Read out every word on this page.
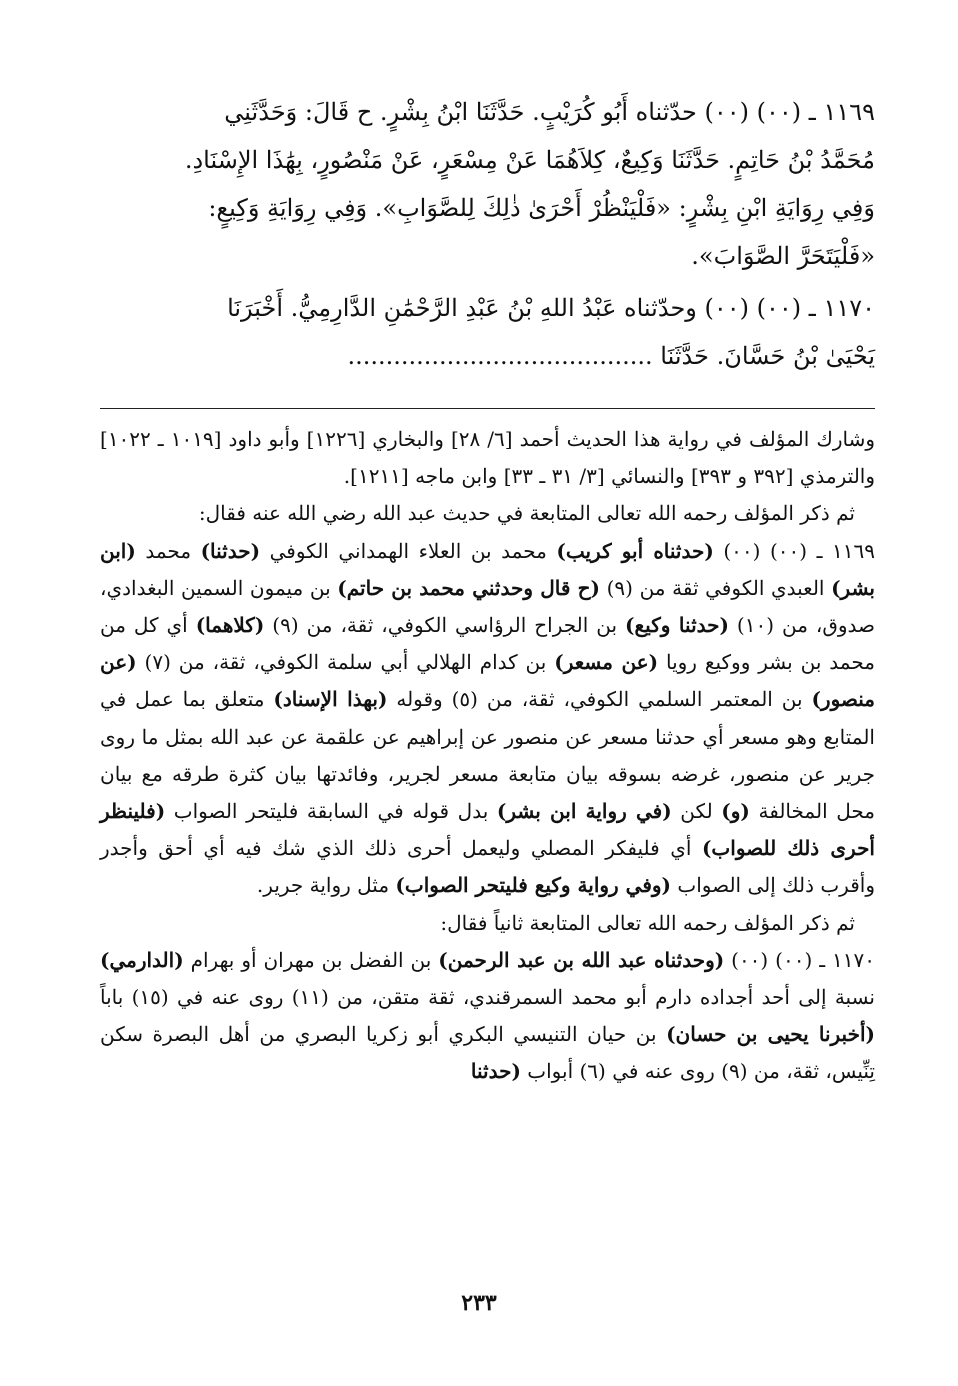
١١٦٩ ـ (٠٠) (٠٠) حدّثناه أَبُو كُرَيْبٍ. حَدَّثَنَا ابْنُ بِشْرٍ. ح قَالَ: وَحَدَّثَنِي

مُحَمَّدُ بْنُ حَاتِمٍ. حَدَّثَنَا وَكِيعٌ، كِلاَهُمَا عَنْ مِسْعَرٍ، عَنْ مَنْصُورٍ، بِهَٰذَا الإِسْنَادِ.

وَفِي رِوَايَةِ ابْنِ بِشْرٍ: «فَلْيَنْظُرْ أَحْرَىٰ ذٰلِكَ لِلصَّوَابِ». وَفِي رِوَايَةِ وَكِيعٍ:

«فَلْيَتَحَرَّ الصَّوَابَ».

١١٧٠ ـ (٠٠) (٠٠) وحدّثناه عَبْدُ اللهِ بْنُ عَبْدِ الرَّحْمَٰنِ الدَّارِمِيُّ. أَخْبَرَنَا

يَحْيَىٰ بْنُ حَسَّانَ. حَدَّثَنَا ........................................

وشارك المؤلف في رواية هذا الحديث أحمد [٦/ ٢٨] والبخاري [١٢٢٦] وأبو داود [١٠١٩ ـ ١٠٢٢] والترمذي [٣٩٢ و ٣٩٣] والنسائي [٣/ ٣١ ـ ٣٣] وابن ماجه [١٢١١].

ثم ذكر المؤلف رحمه الله تعالى المتابعة في حديث عبد الله رضي الله عنه فقال:

١١٦٩ ـ (٠٠) (٠٠) (حدثناه أبو كريب) محمد بن العلاء الهمداني الكوفي (حدثنا) محمد (ابن بشر) العبدي الكوفي ثقة من (٩) (ح قال وحدثني محمد بن حاتم) بن ميمون السمين البغدادي، صدوق، من (١٠) (حدثنا وكيع) بن الجراح الرؤاسي الكوفي، ثقة، من (٩) (كلاهما) أي كل من محمد بن بشر ووكيع رويا (عن مسعر) بن كدام الهلالي أبي سلمة الكوفي، ثقة، من (٧) (عن منصور) بن المعتمر السلمي الكوفي، ثقة، من (٥) وقوله (بهذا الإسناد) متعلق بما عمل في المتابع وهو مسعر أي حدثنا مسعر عن منصور عن إبراهيم عن علقمة عن عبد الله بمثل ما روى جرير عن منصور، غرضه بسوقه بيان متابعة مسعر لجرير، وفائدتها بيان كثرة طرقه مع بيان محل المخالفة (و) لكن (في رواية ابن بشر) بدل قوله في السابقة فليتحر الصواب (فلينظر أحرى ذلك للصواب) أي فليفكر المصلي وليعمل أحرى ذلك الذي شك فيه أي أحق وأجدر وأقرب ذلك إلى الصواب (وفي رواية وكيع فليتحر الصواب) مثل رواية جرير.

ثم ذكر المؤلف رحمه الله تعالى المتابعة ثانياً فقال:

١١٧٠ ـ (٠٠) (٠٠) (وحدثناه عبد الله بن عبد الرحمن) بن الفضل بن مهران أو بهرام (الدارمي) نسبة إلى أحد أجداده دارم أبو محمد السمرقندي، ثقة متقن، من (١١) روى عنه في (١٥) باباً (أخبرنا يحيى بن حسان) بن حيان التنيسي البكري أبو زكريا البصري من أهل البصرة سكن تِنِّيس، ثقة، من (٩) روى عنه في (٦) أبواب (حدثنا

٢٣٣
